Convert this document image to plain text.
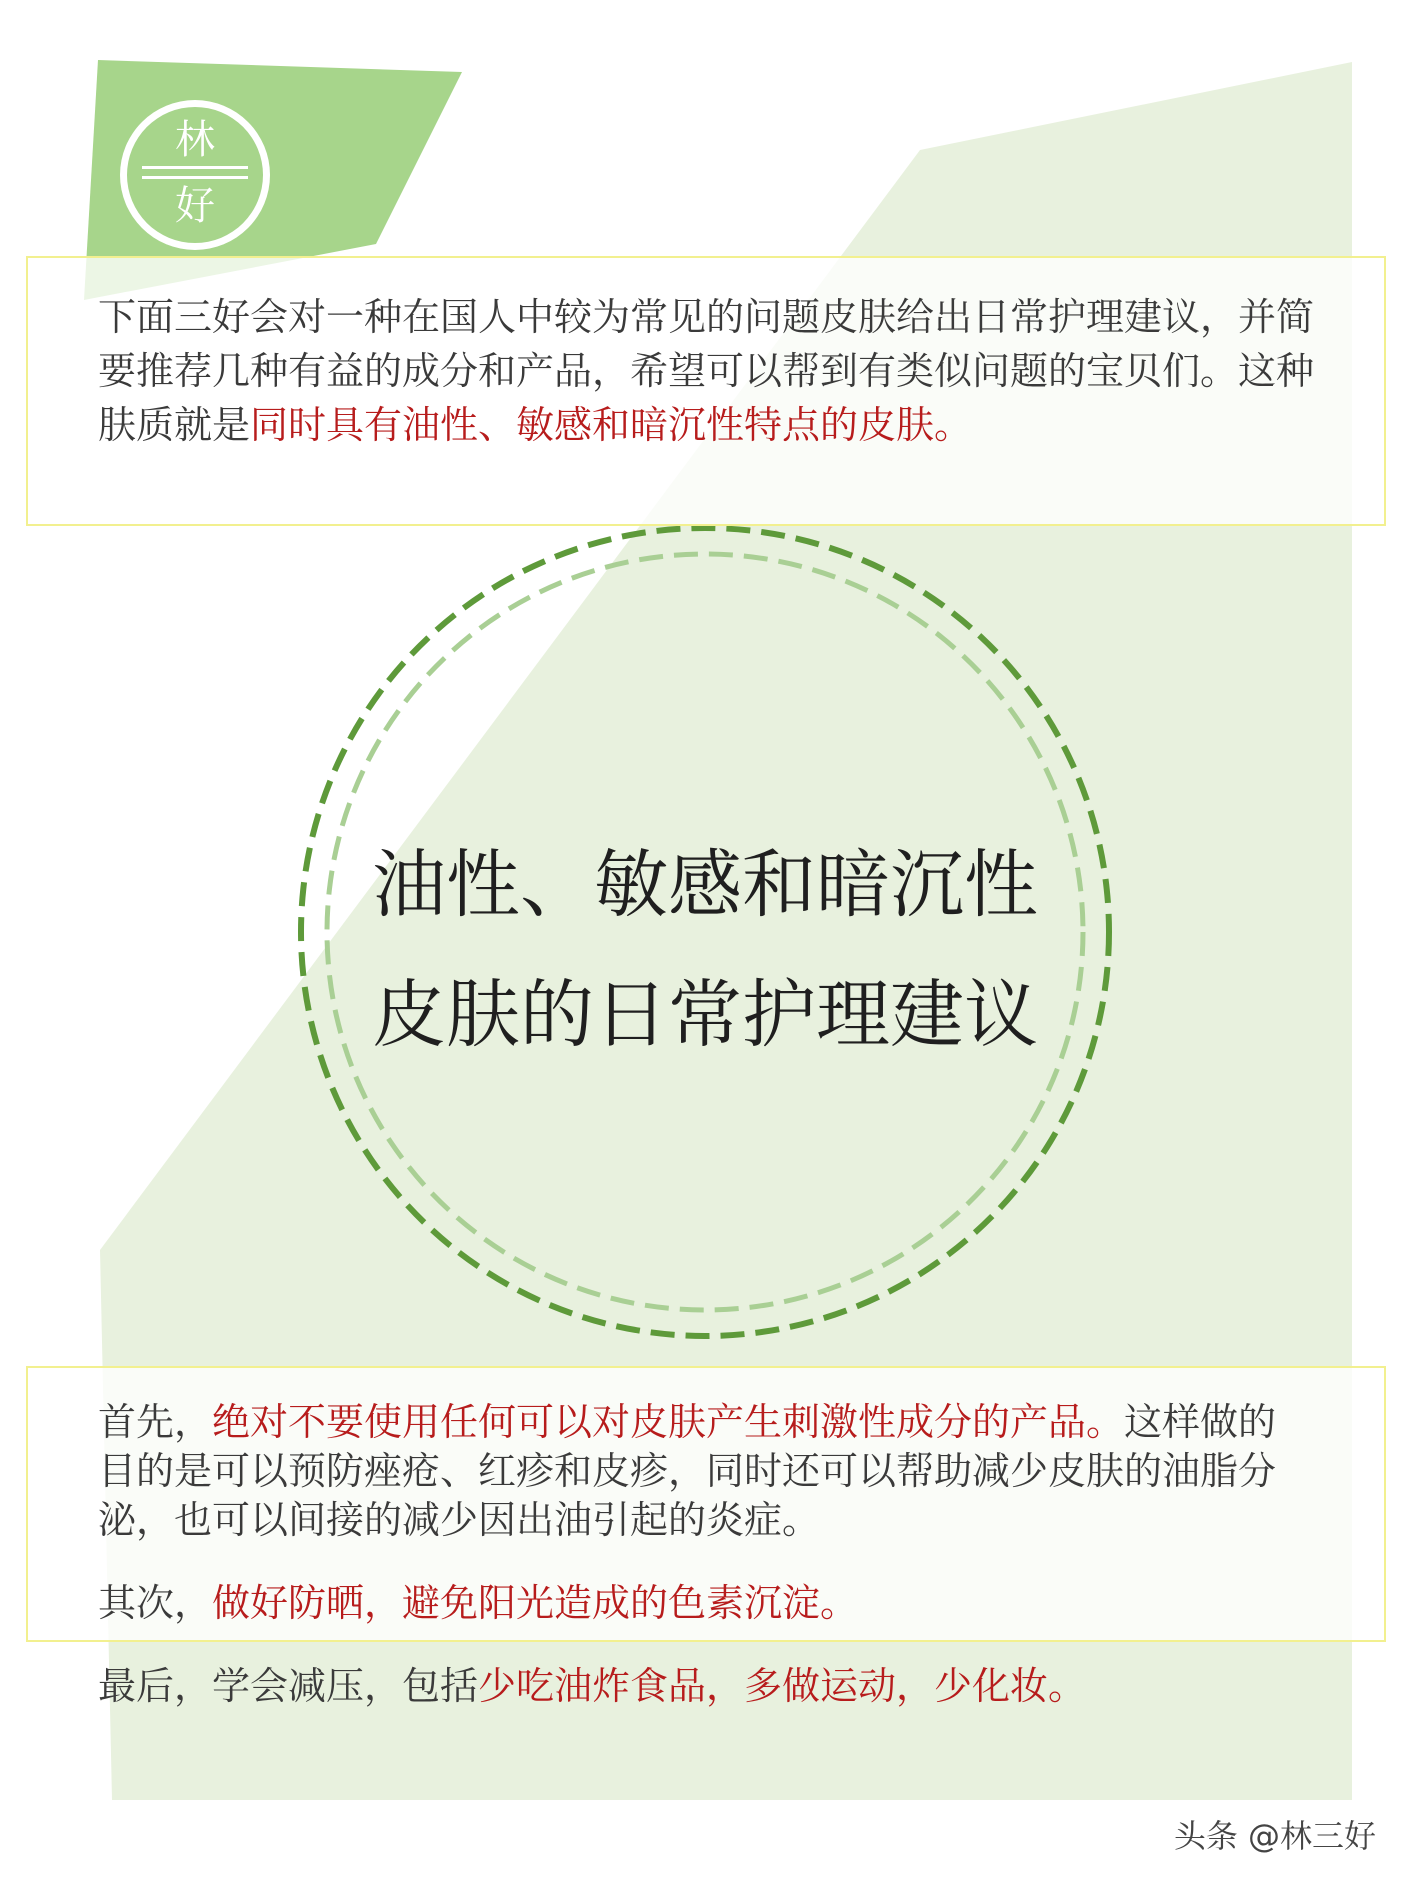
林
好

下面三好会对一种在国人中较为常见的问题皮肤给出日常护理建议，并简要推荐几种有益的成分和产品，希望可以帮到有类似问题的宝贝们。这种肤质就是同时具有油性、敏感和暗沉性特点的皮肤。

油性、敏感和暗沉性
皮肤的日常护理建议

首先，绝对不要使用任何可以对皮肤产生刺激性成分的产品。这样做的目的是可以预防痤疮、红疹和皮疹，同时还可以帮助减少皮肤的油脂分泌，也可以间接的减少因出油引起的炎症。

其次，做好防晒，避免阳光造成的色素沉淀。

最后，学会减压，包括少吃油炸食品，多做运动，少化妆。

头条 @林三好
